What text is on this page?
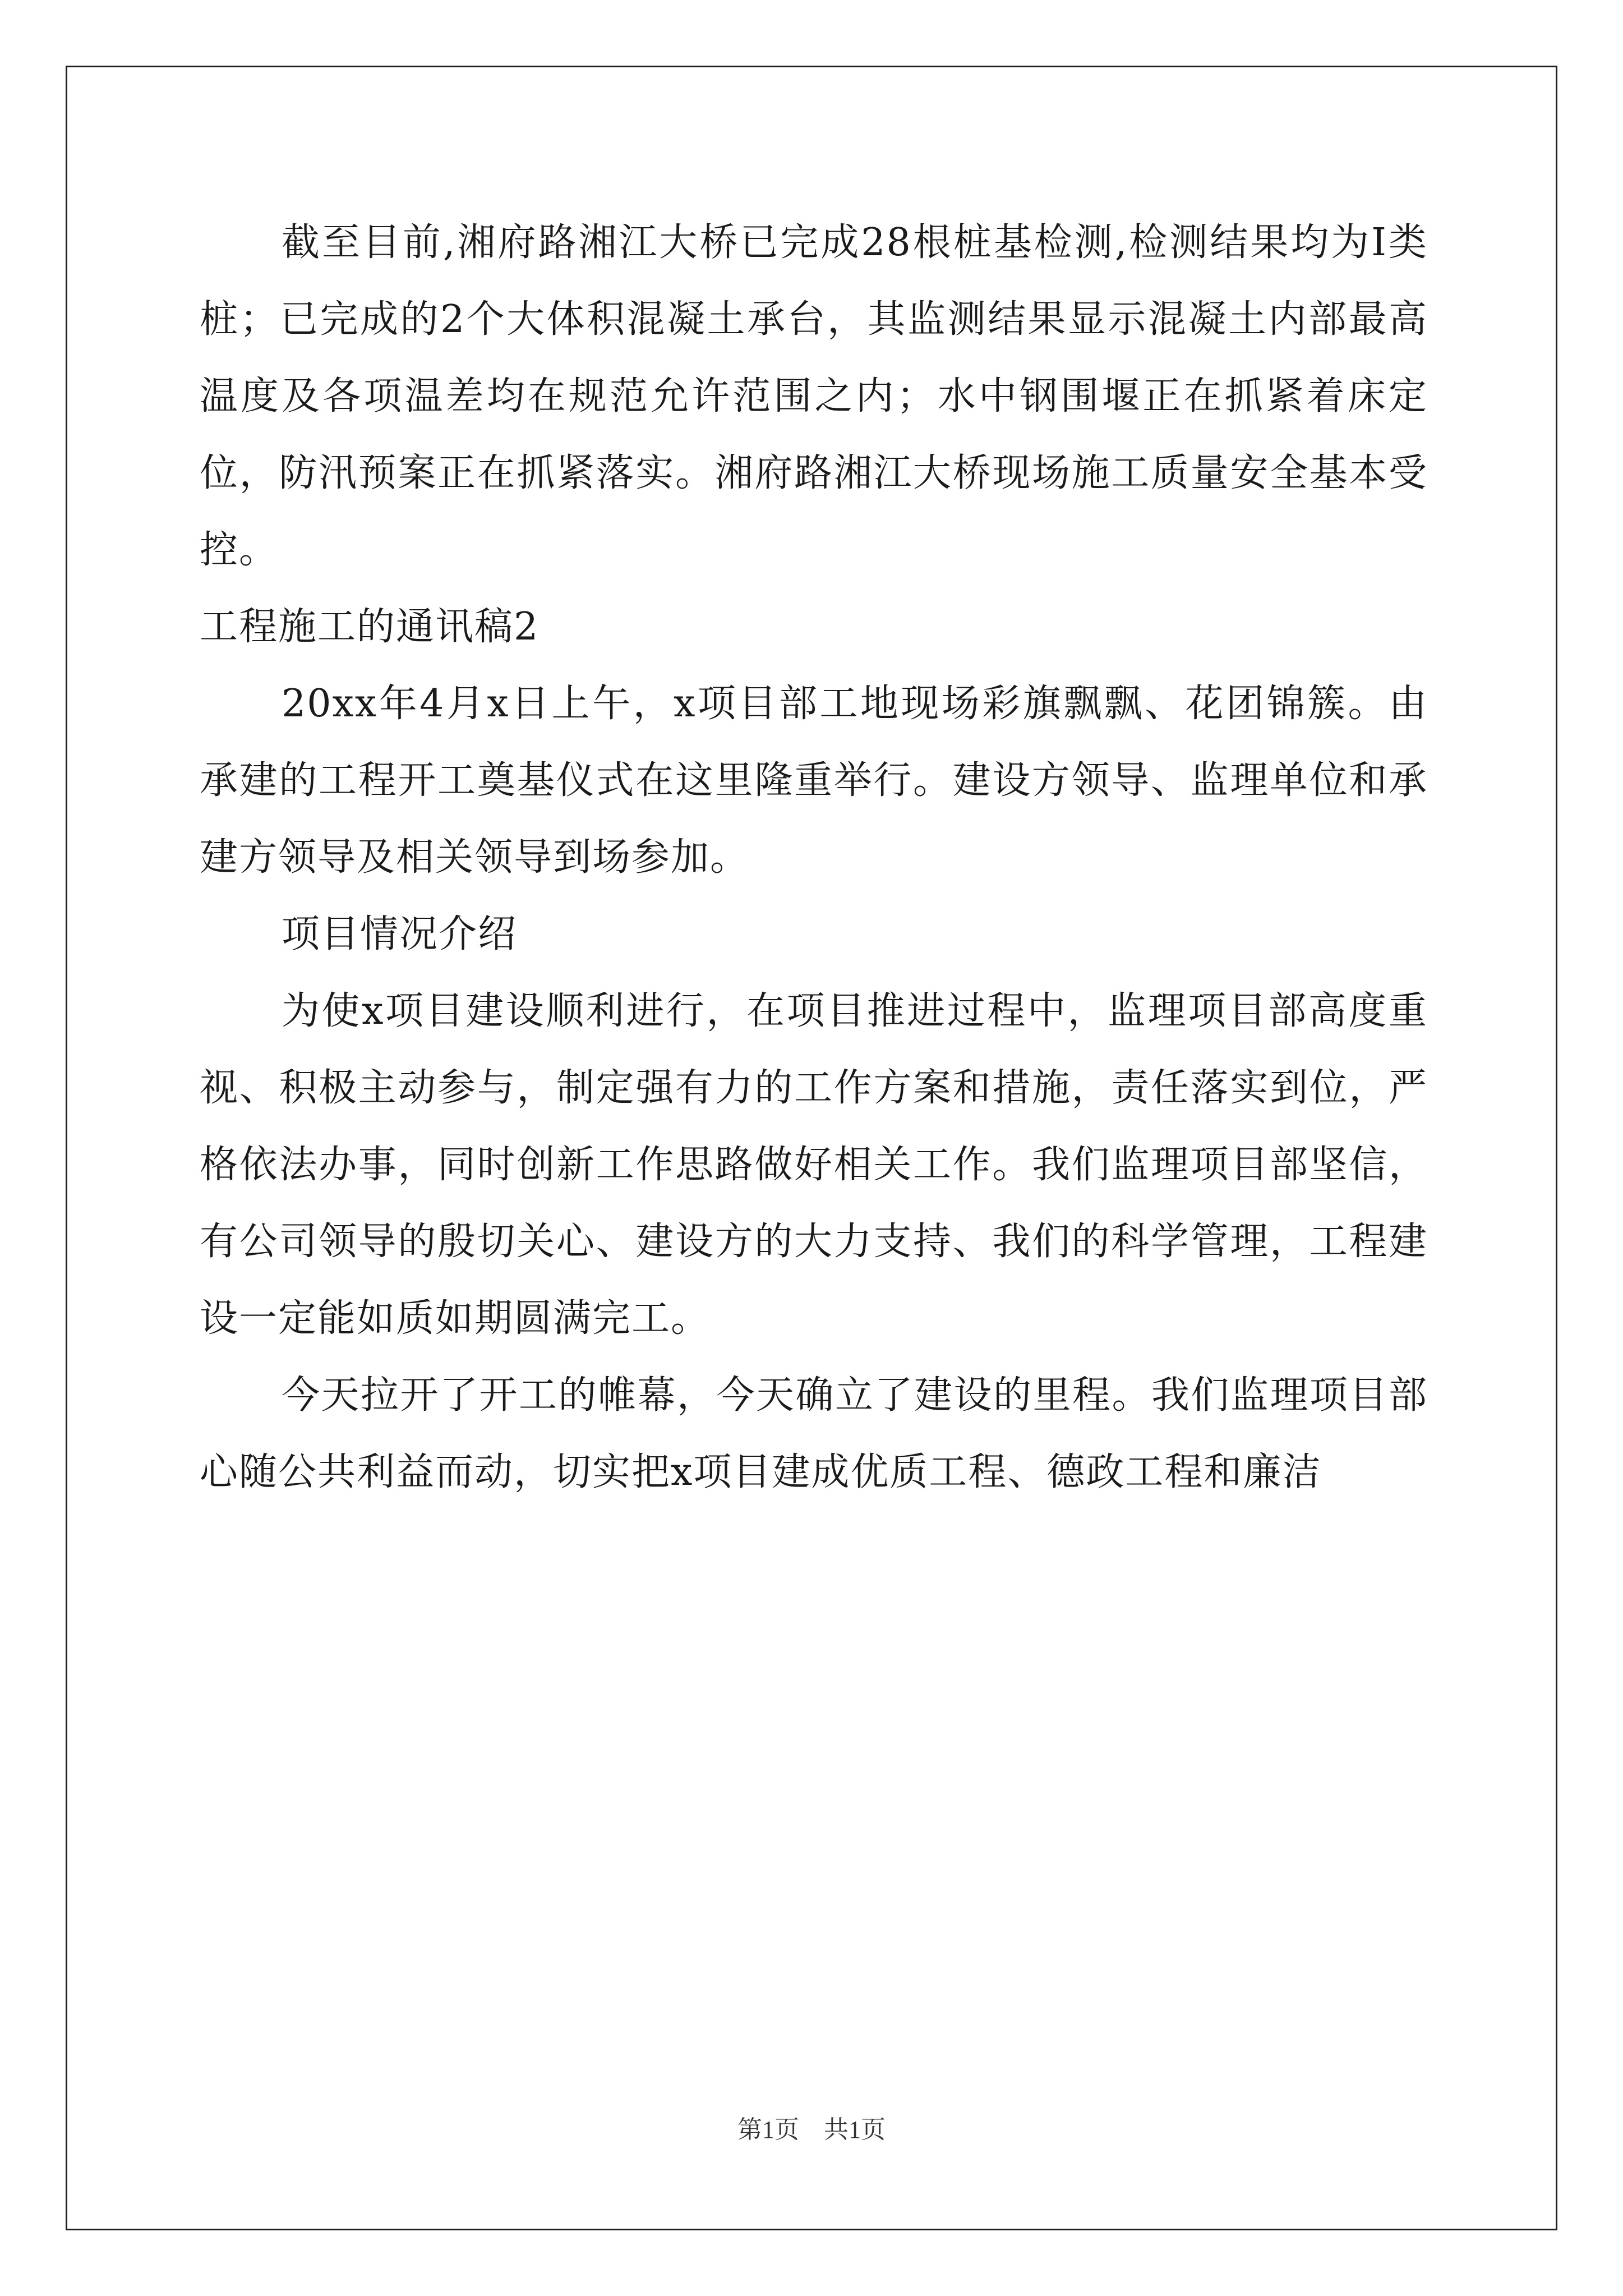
截至目前,湘府路湘江大桥已完成28根桩基检测,检测结果均为Ⅰ类桩；已完成的2个大体积混凝土承台，其监测结果显示混凝土内部最高温度及各项温差均在规范允许范围之内；水中钢围堰正在抓紧着床定位，防汛预案正在抓紧落实。湘府路湘江大桥现场施工质量安全基本受控。

工程施工的通讯稿2

20xx年4月x日上午，x项目部工地现场彩旗飘飘、花团锦簇。由承建的工程开工奠基仪式在这里隆重举行。建设方领导、监理单位和承建方领导及相关领导到场参加。

项目情况介绍

为使x项目建设顺利进行，在项目推进过程中，监理项目部高度重视、积极主动参与，制定强有力的工作方案和措施，责任落实到位，严格依法办事，同时创新工作思路做好相关工作。我们监理项目部坚信，有公司领导的殷切关心、建设方的大力支持、我们的科学管理，工程建设一定能如质如期圆满完工。

今天拉开了开工的帷幕，今天确立了建设的里程。我们监理项目部心随公共利益而动，切实把x项目建成优质工程、德政工程和廉洁

第1页　共1页
